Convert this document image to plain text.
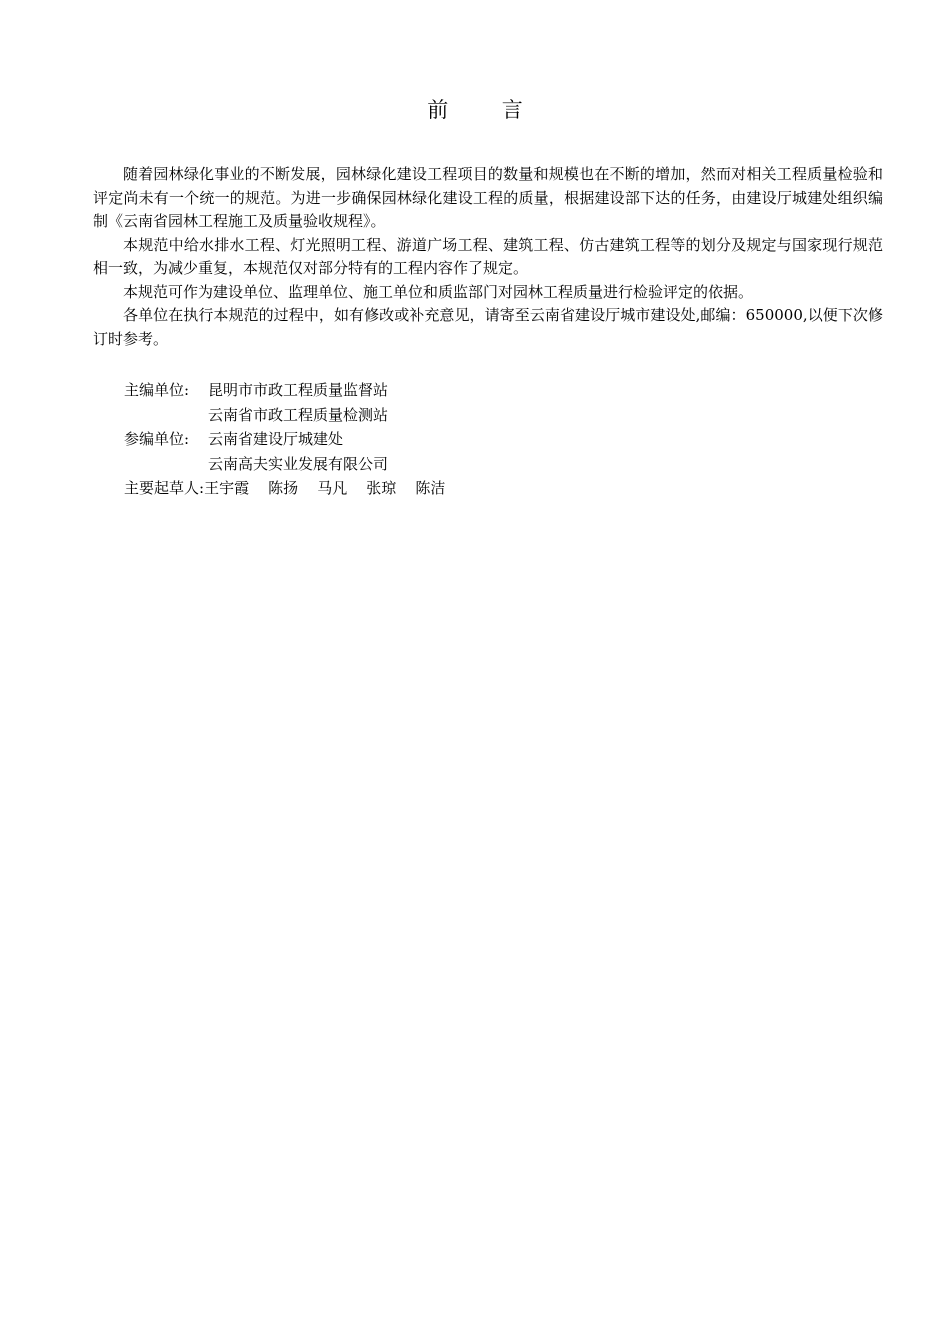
前        言

随着园林绿化事业的不断发展，园林绿化建设工程项目的数量和规模也在不断的增加，然而对相关工程质量检验和评定尚未有一个统一的规范。为进一步确保园林绿化建设工程的质量，根据建设部下达的任务，由建设厅城建处组织编制《云南省园林工程施工及质量验收规程》。

本规范中给水排水工程、灯光照明工程、游道广场工程、建筑工程、仿古建筑工程等的划分及规定与国家现行规范相一致，为减少重复，本规范仅对部分特有的工程内容作了规定。

本规范可作为建设单位、监理单位、施工单位和质监部门对园林工程质量进行检验评定的依据。

各单位在执行本规范的过程中，如有修改或补充意见，请寄至云南省建设厅城市建设处,邮编：650000,以便下次修订时参考。

主编单位:	昆明市市政工程质量监督站
云南省市政工程质量检测站
参编单位:	云南省建设厅城建处
云南高夫实业发展有限公司
主要起草人: 王宇霞    陈扬    马凡    张琼    陈洁
